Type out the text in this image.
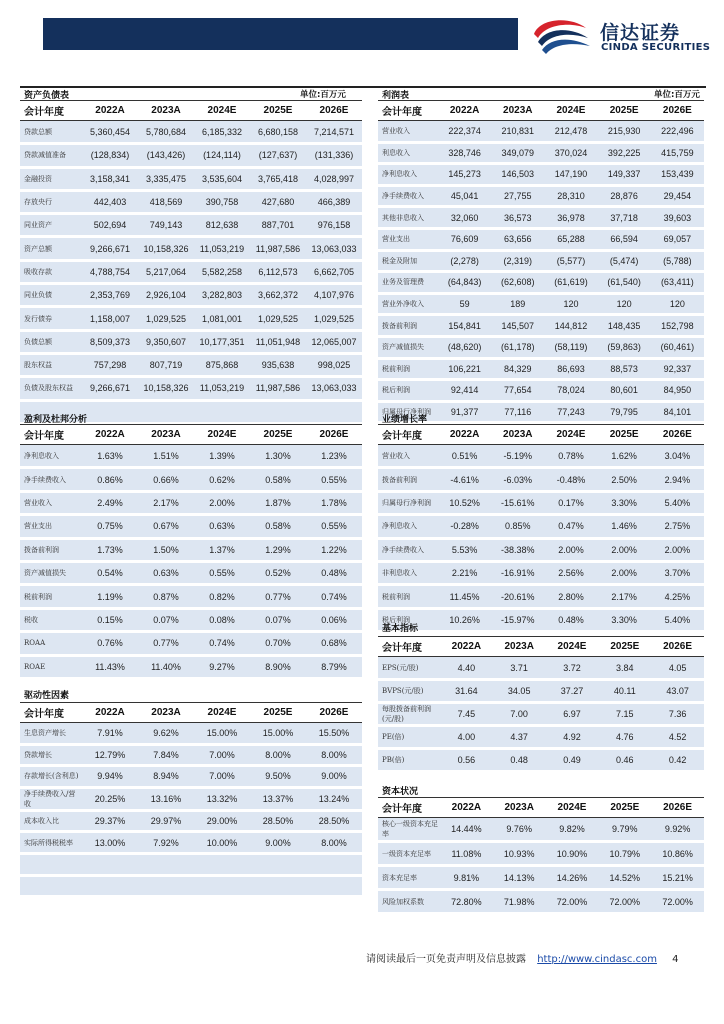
信达证券
CINDA SECURITIES
资产负债表	单位:百万元
会计年度	2022A	2023A	2024E	2025E	2026E
贷款总额	5,360,454	5,780,684	6,185,332	6,680,158	7,214,571
贷款减值准备	(128,834)	(143,426)	(124,114)	(127,637)	(131,336)
金融投资	3,158,341	3,335,475	3,535,604	3,765,418	4,028,997
存放央行	442,403	418,569	390,758	427,680	466,389
同业资产	502,694	749,143	812,638	887,701	976,158
资产总额	9,266,671	10,158,326	11,053,219	11,987,586	13,063,033
吸收存款	4,788,754	5,217,064	5,582,258	6,112,573	6,662,705
同业负债	2,353,769	2,926,104	3,282,803	3,662,372	4,107,976
发行债券	1,158,007	1,029,525	1,081,001	1,029,525	1,029,525
负债总额	8,509,373	9,350,607	10,177,351	11,051,948	12,065,007
股东权益	757,298	807,719	875,868	935,638	998,025
负债及股东权益	9,266,671	10,158,326	11,053,219	11,987,586	13,063,033

利润表	单位:百万元
会计年度	2022A	2023A	2024E	2025E	2026E
营业收入	222,374	210,831	212,478	215,930	222,496
利息收入	328,746	349,079	370,024	392,225	415,759
净利息收入	145,273	146,503	147,190	149,337	153,439
净手续费收入	45,041	27,755	28,310	28,876	29,454
其他非息收入	32,060	36,573	36,978	37,718	39,603
营业支出	76,609	63,656	65,288	66,594	69,057
税金及附加	(2,278)	(2,319)	(5,577)	(5,474)	(5,788)
业务及管理费	(64,843)	(62,608)	(61,619)	(61,540)	(63,411)
营业外净收入	59	189	120	120	120
拨备前利润	154,841	145,507	144,812	148,435	152,798
资产减值损失	(48,620)	(61,178)	(58,119)	(59,863)	(60,461)
税前利润	106,221	84,329	86,693	88,573	92,337
税后利润	92,414	77,654	78,024	80,601	84,950
归属母行净利润	91,377	77,116	77,243	79,795	84,101
盈利及杜邦分析
会计年度	2022A	2023A	2024E	2025E	2026E
净利息收入	1.63%	1.51%	1.39%	1.30%	1.23%
净手续费收入	0.86%	0.66%	0.62%	0.58%	0.55%
营业收入	2.49%	2.17%	2.00%	1.87%	1.78%
营业支出	0.75%	0.67%	0.63%	0.58%	0.55%
拨备前利润	1.73%	1.50%	1.37%	1.29%	1.22%
资产减值损失	0.54%	0.63%	0.55%	0.52%	0.48%
税前利润	1.19%	0.87%	0.82%	0.77%	0.74%
税收	0.15%	0.07%	0.08%	0.07%	0.06%
ROAA	0.76%	0.77%	0.74%	0.70%	0.68%
ROAE	11.43%	11.40%	9.27%	8.90%	8.79%
业绩增长率
会计年度	2022A	2023A	2024E	2025E	2026E
营业收入	0.51%	-5.19%	0.78%	1.62%	3.04%
拨备前利润	-4.61%	-6.03%	-0.48%	2.50%	2.94%
归属母行净利润	10.52%	-15.61%	0.17%	3.30%	5.40%
净利息收入	-0.28%	0.85%	0.47%	1.46%	2.75%
净手续费收入	5.53%	-38.38%	2.00%	2.00%	2.00%
非利息收入	2.21%	-16.91%	2.56%	2.00%	3.70%
税前利润	11.45%	-20.61%	2.80%	2.17%	4.25%
税后利润	10.26%	-15.97%	0.48%	3.30%	5.40%
基本指标
会计年度	2022A	2023A	2024E	2025E	2026E
EPS(元/股)	4.40	3.71	3.72	3.84	4.05
BVPS(元/股)	31.64	34.05	37.27	40.11	43.07
每股拨备前利润(元/股)	7.45	7.00	6.97	7.15	7.36
PE(倍)	4.00	4.37	4.92	4.76	4.52
PB(倍)	0.56	0.48	0.49	0.46	0.42
驱动性因素
会计年度	2022A	2023A	2024E	2025E	2026E
生息资产增长	7.91%	9.62%	15.00%	15.00%	15.50%
贷款增长	12.79%	7.84%	7.00%	8.00%	8.00%
存款增长(含利息)	9.94%	8.94%	7.00%	9.50%	9.00%
净手续费收入/营收	20.25%	13.16%	13.32%	13.37%	13.24%
成本收入比	29.37%	29.97%	29.00%	28.50%	28.50%
实际所得税税率	13.00%	7.92%	10.00%	9.00%	8.00%

资本状况
会计年度	2022A	2023A	2024E	2025E	2026E
核心一级资本充足率	14.44%	9.76%	9.82%	9.79%	9.92%
一级资本充足率	11.08%	10.93%	10.90%	10.79%	10.86%
资本充足率	9.81%	14.13%	14.26%	14.52%	15.21%
风险加权系数	72.80%	71.98%	72.00%	72.00%	72.00%
请阅读最后一页免责声明及信息披露 http://www.cindasc.com 4
